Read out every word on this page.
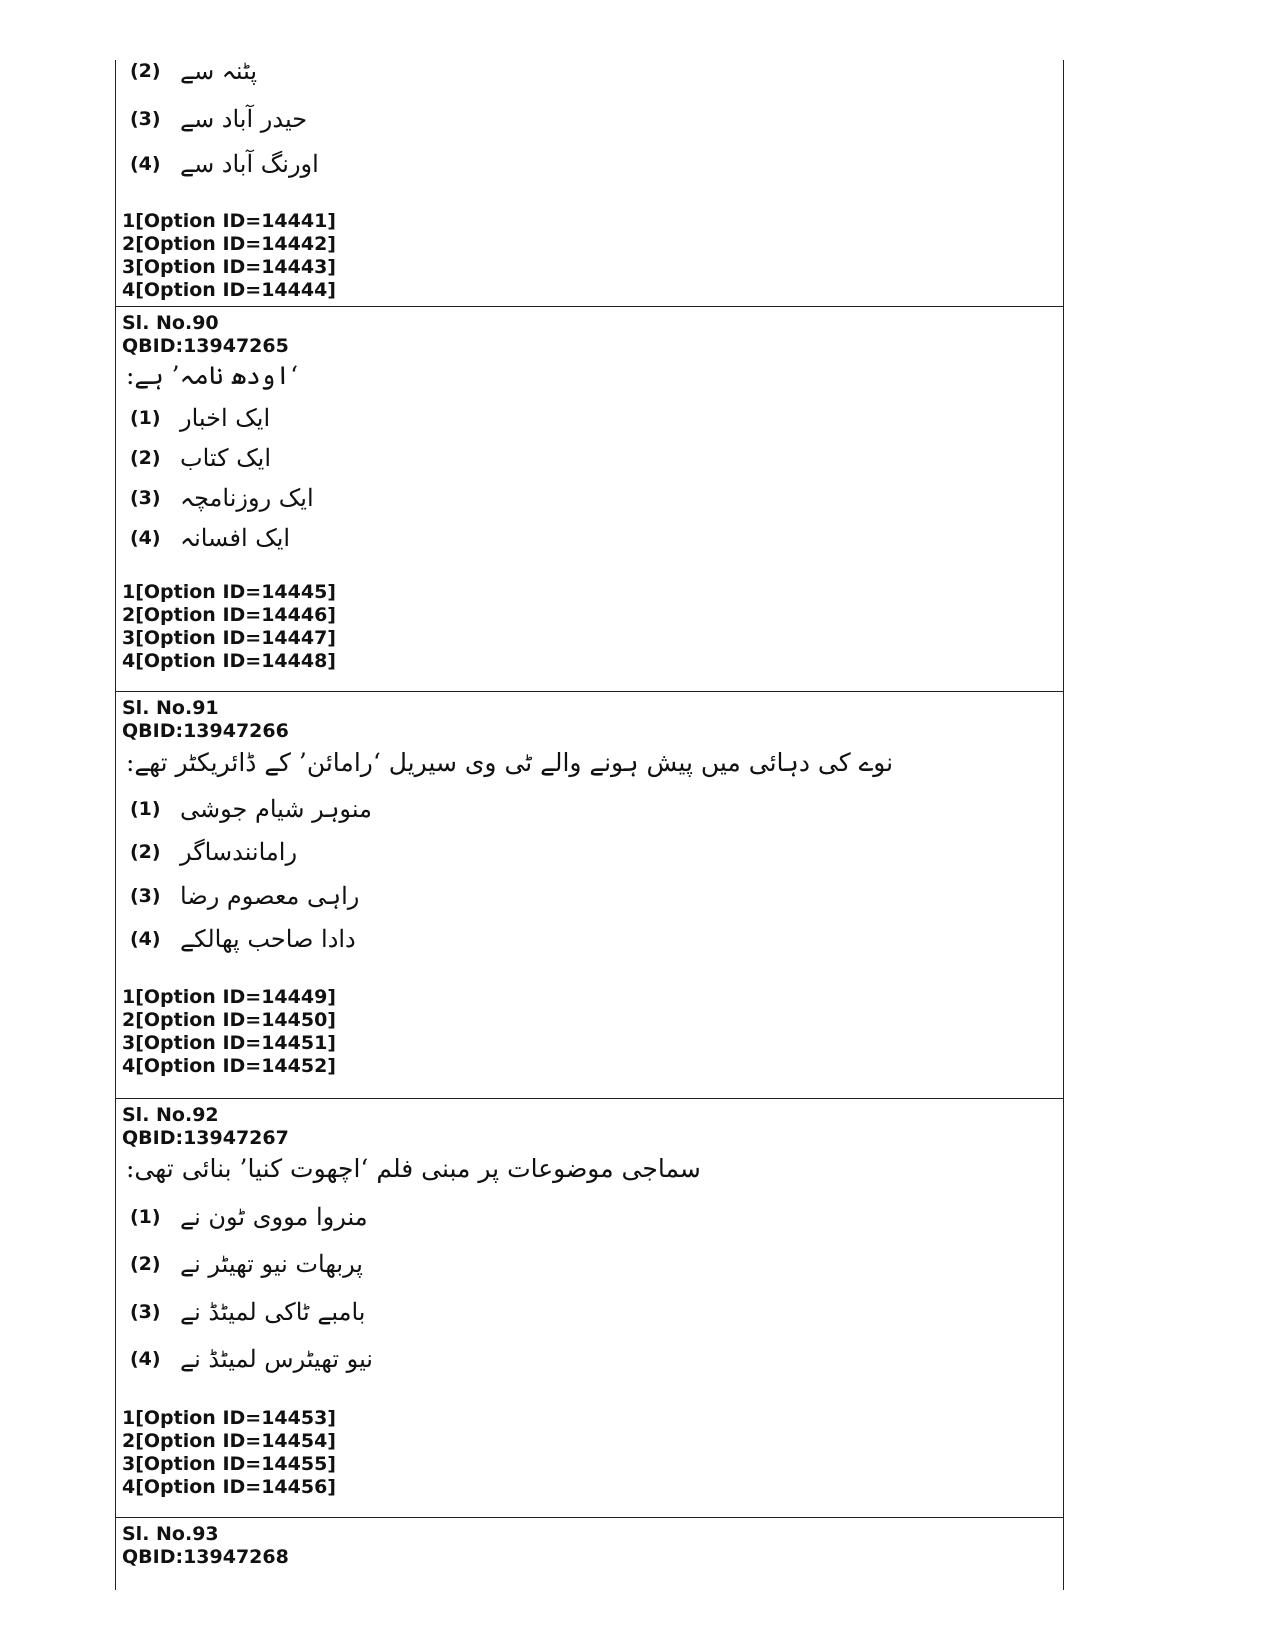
(2) پٹنہ سے
(3) حیدر آباد سے
(4) اورنگ آباد سے
1[Option ID=14441]
2[Option ID=14442]
3[Option ID=14443]
4[Option ID=14444]
Sl. No.90
QBID:13947265
‘اودھ نامہ’ ہے:
(1) ایک اخبار
(2) ایک کتاب
(3) ایک روزنامچہ
(4) ایک افسانہ
1[Option ID=14445]
2[Option ID=14446]
3[Option ID=14447]
4[Option ID=14448]
Sl. No.91
QBID:13947266
نوے کی دہائی میں پیش ہونے والے ٹی وی سیریل ‘رامائن’ کے ڈائریکٹر تھے:
(1) منوہر شیام جوشی
(2) رامانندساگر
(3) راہی معصوم رضا
(4) دادا صاحب پھالکے
1[Option ID=14449]
2[Option ID=14450]
3[Option ID=14451]
4[Option ID=14452]
Sl. No.92
QBID:13947267
سماجی موضوعات پر مبنی فلم ‘اچھوت کنیا’ بنائی تھی:
(1) منروا مووی ٹون نے
(2) پربھات نیو تھیٹر نے
(3) بامبے ٹاکی لمیٹڈ نے
(4) نیو تھیٹرس لمیٹڈ نے
1[Option ID=14453]
2[Option ID=14454]
3[Option ID=14455]
4[Option ID=14456]
Sl. No.93
QBID:13947268
